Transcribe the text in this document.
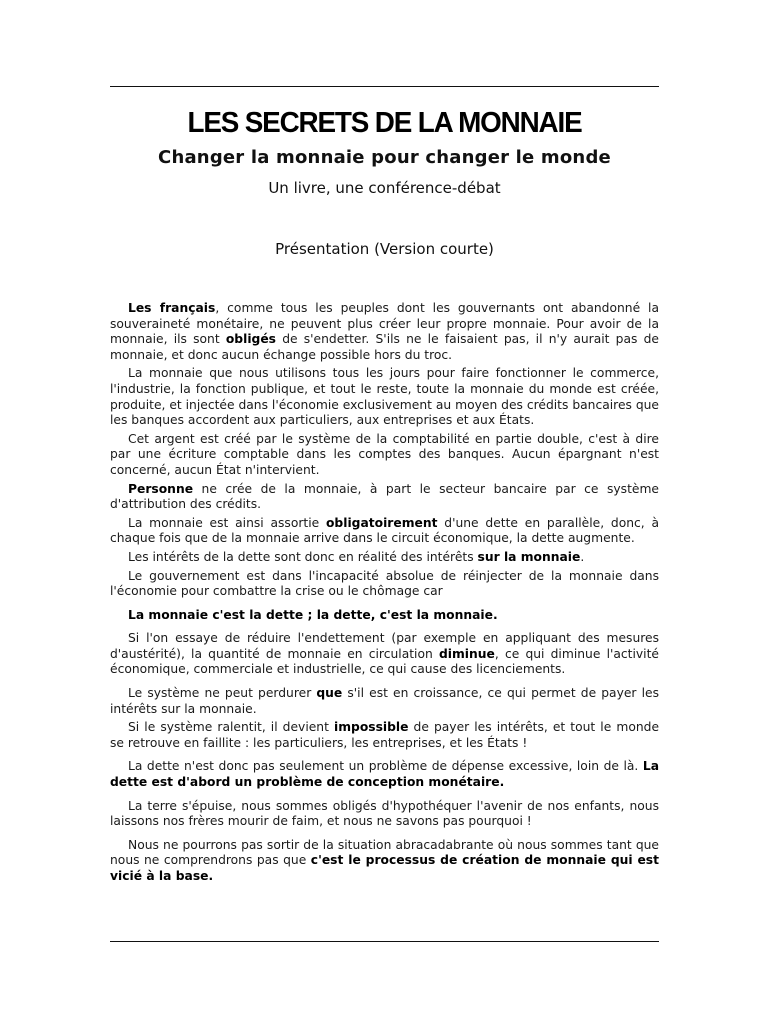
LES SECRETS DE LA MONNAIE
Changer la monnaie pour changer le monde
Un livre, une conférence-débat
Présentation (Version courte)

Les français, comme tous les peuples dont les gouvernants ont abandonné la souveraineté monétaire, ne peuvent plus créer leur propre monnaie. Pour avoir de la monnaie, ils sont obligés de s'endetter. S'ils ne le faisaient pas, il n'y aurait pas de monnaie, et donc aucun échange possible hors du troc.

La monnaie que nous utilisons tous les jours pour faire fonctionner le commerce, l'industrie, la fonction publique, et tout le reste, toute la monnaie du monde est créée, produite, et injectée dans l'économie exclusivement au moyen des crédits bancaires que les banques accordent aux particuliers, aux entreprises et aux États.

Cet argent est créé par le système de la comptabilité en partie double, c'est à dire par une écriture comptable dans les comptes des banques. Aucun épargnant n'est concerné, aucun État n'intervient.

Personne ne crée de la monnaie, à part le secteur bancaire par ce système d'attribution des crédits.

La monnaie est ainsi assortie obligatoirement d'une dette en parallèle, donc, à chaque fois que de la monnaie arrive dans le circuit économique, la dette augmente.

Les intérêts de la dette sont donc en réalité des intérêts sur la monnaie.

Le gouvernement est dans l'incapacité absolue de réinjecter de la monnaie dans l'économie pour combattre la crise ou le chômage car

La monnaie c'est la dette ; la dette, c'est la monnaie.

Si l'on essaye de réduire l'endettement (par exemple en appliquant des mesures d'austérité), la quantité de monnaie en circulation diminue, ce qui diminue l'activité économique, commerciale et industrielle, ce qui cause des licenciements.

Le système ne peut perdurer que s'il est en croissance, ce qui permet de payer les intérêts sur la monnaie.

Si le système ralentit, il devient impossible de payer les intérêts, et tout le monde se retrouve en faillite : les particuliers, les entreprises, et les États !

La dette n'est donc pas seulement un problème de dépense excessive, loin de là. La dette est d'abord un problème de conception monétaire.

La terre s'épuise, nous sommes obligés d'hypothéquer l'avenir de nos enfants, nous laissons nos frères mourir de faim, et nous ne savons pas pourquoi !

Nous ne pourrons pas sortir de la situation abracadabrante où nous sommes tant que nous ne comprendrons pas que c'est le processus de création de monnaie qui est vicié à la base.
